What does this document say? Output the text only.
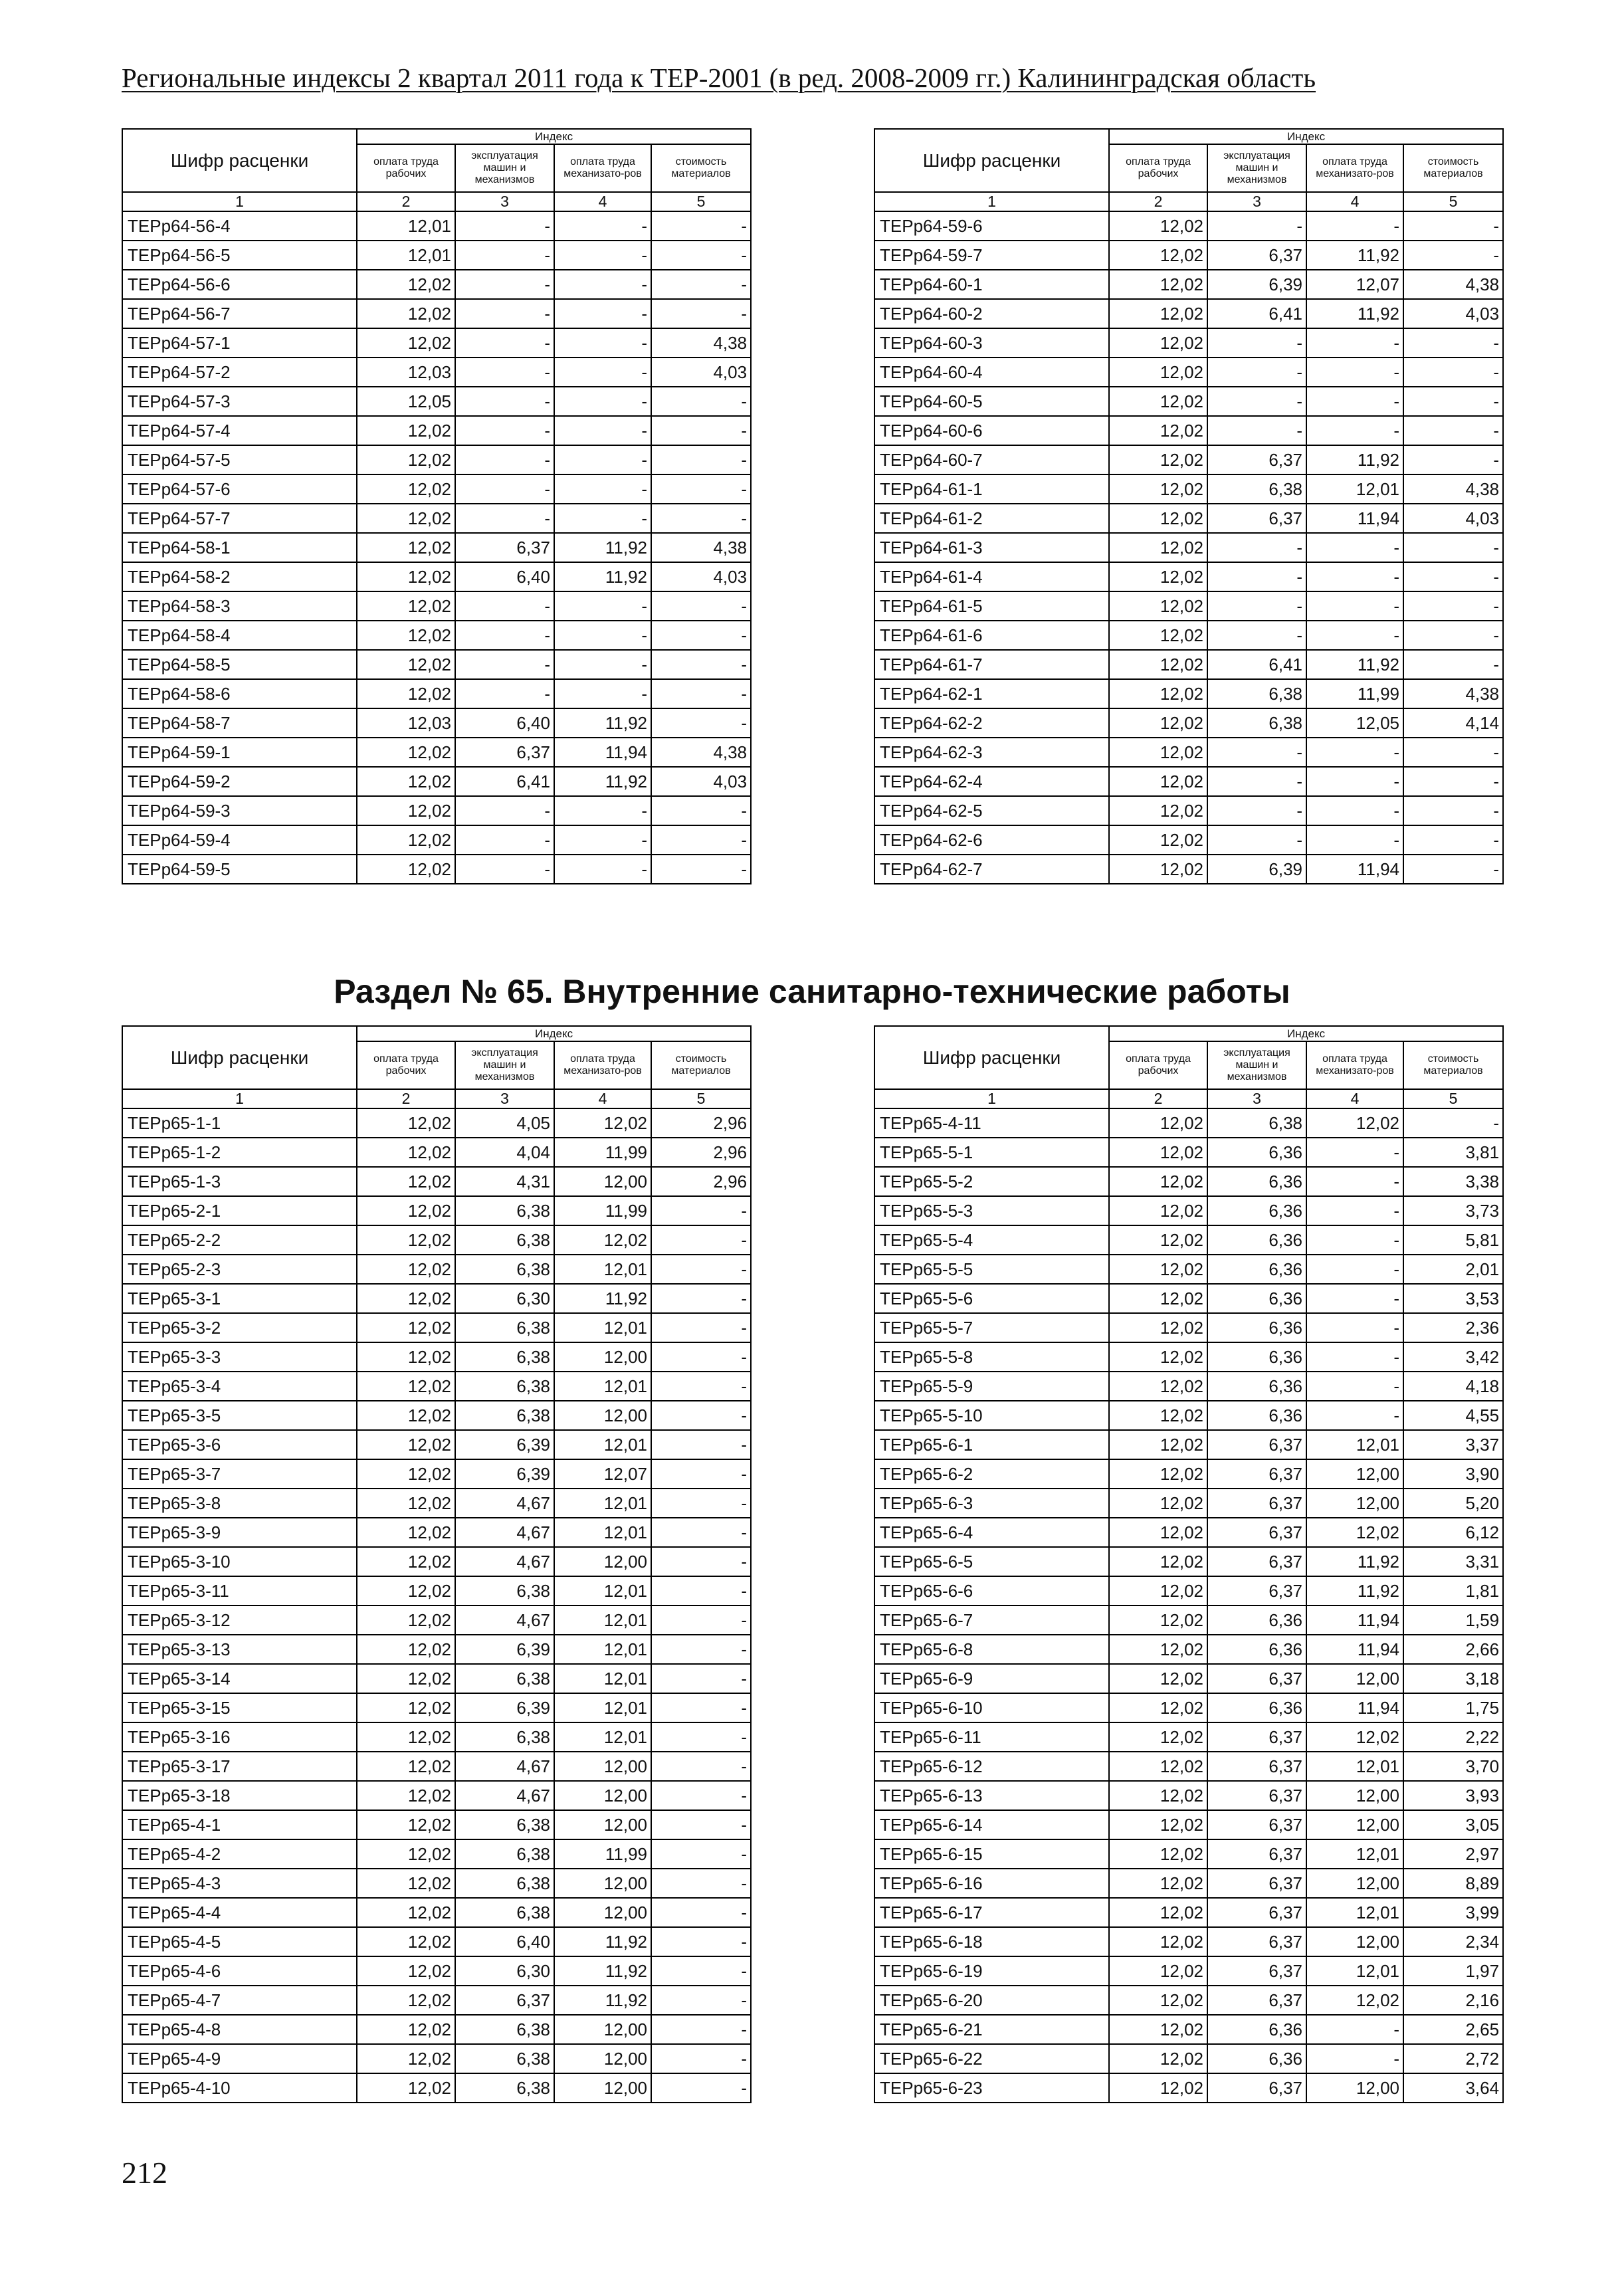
Региональные индексы 2 квартал 2011 года к ТЕР-2001 (в ред. 2008-2009 гг.) Калининградская область
Шифр расценки	Индекс			
	оплата труда рабочих	эксплуатация машин и механизмов	оплата труда механизато-ров	стоимость материалов
1	2	3	4	5
ТЕРр64-56-4	12,01	-	-	-
ТЕРр64-56-5	12,01	-	-	-
ТЕРр64-56-6	12,02	-	-	-
ТЕРр64-56-7	12,02	-	-	-
ТЕРр64-57-1	12,02	-	-	4,38
ТЕРр64-57-2	12,03	-	-	4,03
ТЕРр64-57-3	12,05	-	-	-
ТЕРр64-57-4	12,02	-	-	-
ТЕРр64-57-5	12,02	-	-	-
ТЕРр64-57-6	12,02	-	-	-
ТЕРр64-57-7	12,02	-	-	-
ТЕРр64-58-1	12,02	6,37	11,92	4,38
ТЕРр64-58-2	12,02	6,40	11,92	4,03
ТЕРр64-58-3	12,02	-	-	-
ТЕРр64-58-4	12,02	-	-	-
ТЕРр64-58-5	12,02	-	-	-
ТЕРр64-58-6	12,02	-	-	-
ТЕРр64-58-7	12,03	6,40	11,92	-
ТЕРр64-59-1	12,02	6,37	11,94	4,38
ТЕРр64-59-2	12,02	6,41	11,92	4,03
ТЕРр64-59-3	12,02	-	-	-
ТЕРр64-59-4	12,02	-	-	-
ТЕРр64-59-5	12,02	-	-	-
Шифр расценки	Индекс			
	оплата труда рабочих	эксплуатация машин и механизмов	оплата труда механизато-ров	стоимость материалов
1	2	3	4	5
ТЕРр64-59-6	12,02	-	-	-
ТЕРр64-59-7	12,02	6,37	11,92	-
ТЕРр64-60-1	12,02	6,39	12,07	4,38
ТЕРр64-60-2	12,02	6,41	11,92	4,03
ТЕРр64-60-3	12,02	-	-	-
ТЕРр64-60-4	12,02	-	-	-
ТЕРр64-60-5	12,02	-	-	-
ТЕРр64-60-6	12,02	-	-	-
ТЕРр64-60-7	12,02	6,37	11,92	-
ТЕРр64-61-1	12,02	6,38	12,01	4,38
ТЕРр64-61-2	12,02	6,37	11,94	4,03
ТЕРр64-61-3	12,02	-	-	-
ТЕРр64-61-4	12,02	-	-	-
ТЕРр64-61-5	12,02	-	-	-
ТЕРр64-61-6	12,02	-	-	-
ТЕРр64-61-7	12,02	6,41	11,92	-
ТЕРр64-62-1	12,02	6,38	11,99	4,38
ТЕРр64-62-2	12,02	6,38	12,05	4,14
ТЕРр64-62-3	12,02	-	-	-
ТЕРр64-62-4	12,02	-	-	-
ТЕРр64-62-5	12,02	-	-	-
ТЕРр64-62-6	12,02	-	-	-
ТЕРр64-62-7	12,02	6,39	11,94	-
Раздел № 65. Внутренние санитарно-технические работы
Шифр расценки	Индекс			
	оплата труда рабочих	эксплуатация машин и механизмов	оплата труда механизато-ров	стоимость материалов
1	2	3	4	5
ТЕРр65-1-1	12,02	4,05	12,02	2,96
ТЕРр65-1-2	12,02	4,04	11,99	2,96
ТЕРр65-1-3	12,02	4,31	12,00	2,96
ТЕРр65-2-1	12,02	6,38	11,99	-
ТЕРр65-2-2	12,02	6,38	12,02	-
ТЕРр65-2-3	12,02	6,38	12,01	-
ТЕРр65-3-1	12,02	6,30	11,92	-
ТЕРр65-3-2	12,02	6,38	12,01	-
ТЕРр65-3-3	12,02	6,38	12,00	-
ТЕРр65-3-4	12,02	6,38	12,01	-
ТЕРр65-3-5	12,02	6,38	12,00	-
ТЕРр65-3-6	12,02	6,39	12,01	-
ТЕРр65-3-7	12,02	6,39	12,07	-
ТЕРр65-3-8	12,02	4,67	12,01	-
ТЕРр65-3-9	12,02	4,67	12,01	-
ТЕРр65-3-10	12,02	4,67	12,00	-
ТЕРр65-3-11	12,02	6,38	12,01	-
ТЕРр65-3-12	12,02	4,67	12,01	-
ТЕРр65-3-13	12,02	6,39	12,01	-
ТЕРр65-3-14	12,02	6,38	12,01	-
ТЕРр65-3-15	12,02	6,39	12,01	-
ТЕРр65-3-16	12,02	6,38	12,01	-
ТЕРр65-3-17	12,02	4,67	12,00	-
ТЕРр65-3-18	12,02	4,67	12,00	-
ТЕРр65-4-1	12,02	6,38	12,00	-
ТЕРр65-4-2	12,02	6,38	11,99	-
ТЕРр65-4-3	12,02	6,38	12,00	-
ТЕРр65-4-4	12,02	6,38	12,00	-
ТЕРр65-4-5	12,02	6,40	11,92	-
ТЕРр65-4-6	12,02	6,30	11,92	-
ТЕРр65-4-7	12,02	6,37	11,92	-
ТЕРр65-4-8	12,02	6,38	12,00	-
ТЕРр65-4-9	12,02	6,38	12,00	-
ТЕРр65-4-10	12,02	6,38	12,00	-
Шифр расценки	Индекс			
	оплата труда рабочих	эксплуатация машин и механизмов	оплата труда механизато-ров	стоимость материалов
1	2	3	4	5
ТЕРр65-4-11	12,02	6,38	12,02	-
ТЕРр65-5-1	12,02	6,36	-	3,81
ТЕРр65-5-2	12,02	6,36	-	3,38
ТЕРр65-5-3	12,02	6,36	-	3,73
ТЕРр65-5-4	12,02	6,36	-	5,81
ТЕРр65-5-5	12,02	6,36	-	2,01
ТЕРр65-5-6	12,02	6,36	-	3,53
ТЕРр65-5-7	12,02	6,36	-	2,36
ТЕРр65-5-8	12,02	6,36	-	3,42
ТЕРр65-5-9	12,02	6,36	-	4,18
ТЕРр65-5-10	12,02	6,36	-	4,55
ТЕРр65-6-1	12,02	6,37	12,01	3,37
ТЕРр65-6-2	12,02	6,37	12,00	3,90
ТЕРр65-6-3	12,02	6,37	12,00	5,20
ТЕРр65-6-4	12,02	6,37	12,02	6,12
ТЕРр65-6-5	12,02	6,37	11,92	3,31
ТЕРр65-6-6	12,02	6,37	11,92	1,81
ТЕРр65-6-7	12,02	6,36	11,94	1,59
ТЕРр65-6-8	12,02	6,36	11,94	2,66
ТЕРр65-6-9	12,02	6,37	12,00	3,18
ТЕРр65-6-10	12,02	6,36	11,94	1,75
ТЕРр65-6-11	12,02	6,37	12,02	2,22
ТЕРр65-6-12	12,02	6,37	12,01	3,70
ТЕРр65-6-13	12,02	6,37	12,00	3,93
ТЕРр65-6-14	12,02	6,37	12,00	3,05
ТЕРр65-6-15	12,02	6,37	12,01	2,97
ТЕРр65-6-16	12,02	6,37	12,00	8,89
ТЕРр65-6-17	12,02	6,37	12,01	3,99
ТЕРр65-6-18	12,02	6,37	12,00	2,34
ТЕРр65-6-19	12,02	6,37	12,01	1,97
ТЕРр65-6-20	12,02	6,37	12,02	2,16
ТЕРр65-6-21	12,02	6,36	-	2,65
ТЕРр65-6-22	12,02	6,36	-	2,72
ТЕРр65-6-23	12,02	6,37	12,00	3,64
212
